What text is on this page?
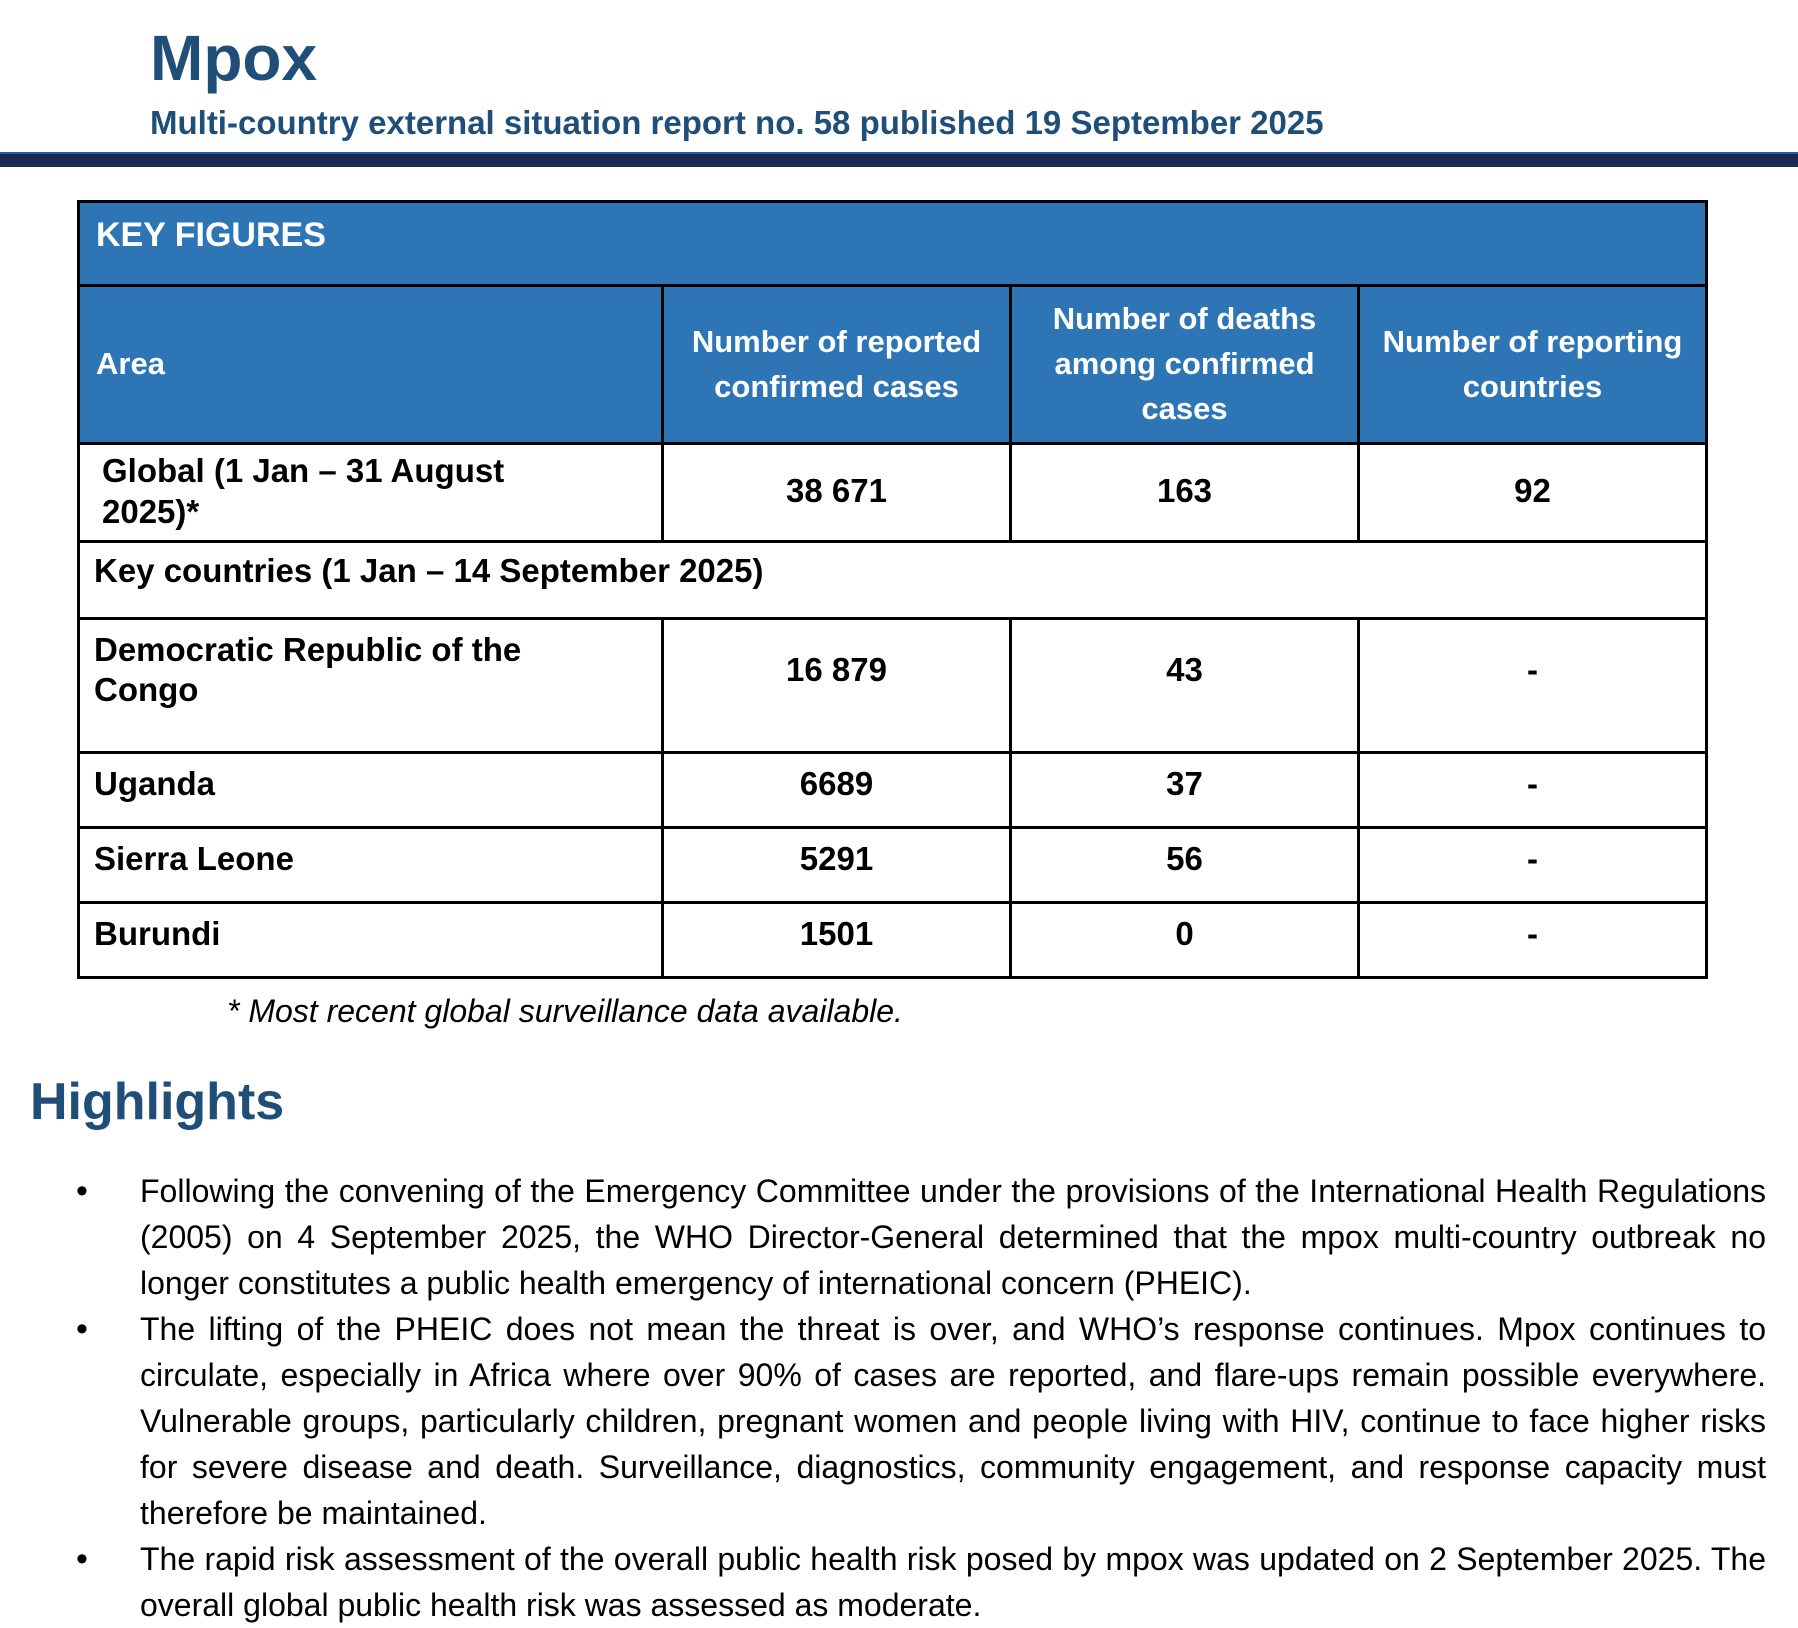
Mpox
Multi-country external situation report no. 58 published 19 September 2025
KEY FIGURES			
Area	Number of reported confirmed cases	Number of deaths among confirmed cases	Number of reporting countries
Global (1 Jan – 31 August 2025)*	38 671	163	92
Key countries (1 Jan – 14 September 2025)			
Democratic Republic of the Congo	16 879	43	-
Uganda	6689	37	-
Sierra Leone	5291	56	-
Burundi	1501	0	-
* Most recent global surveillance data available.
Highlights
• Following the convening of the Emergency Committee under the provisions of the International Health Regulations (2005) on 4 September 2025, the WHO Director-General determined that the mpox multi-country outbreak no longer constitutes a public health emergency of international concern (PHEIC).
• The lifting of the PHEIC does not mean the threat is over, and WHO’s response continues. Mpox continues to circulate, especially in Africa where over 90% of cases are reported, and flare-ups remain possible everywhere. Vulnerable groups, particularly children, pregnant women and people living with HIV, continue to face higher risks for severe disease and death. Surveillance, diagnostics, community engagement, and response capacity must therefore be maintained.
• The rapid risk assessment of the overall public health risk posed by mpox was updated on 2 September 2025. The overall global public health risk was assessed as moderate.
